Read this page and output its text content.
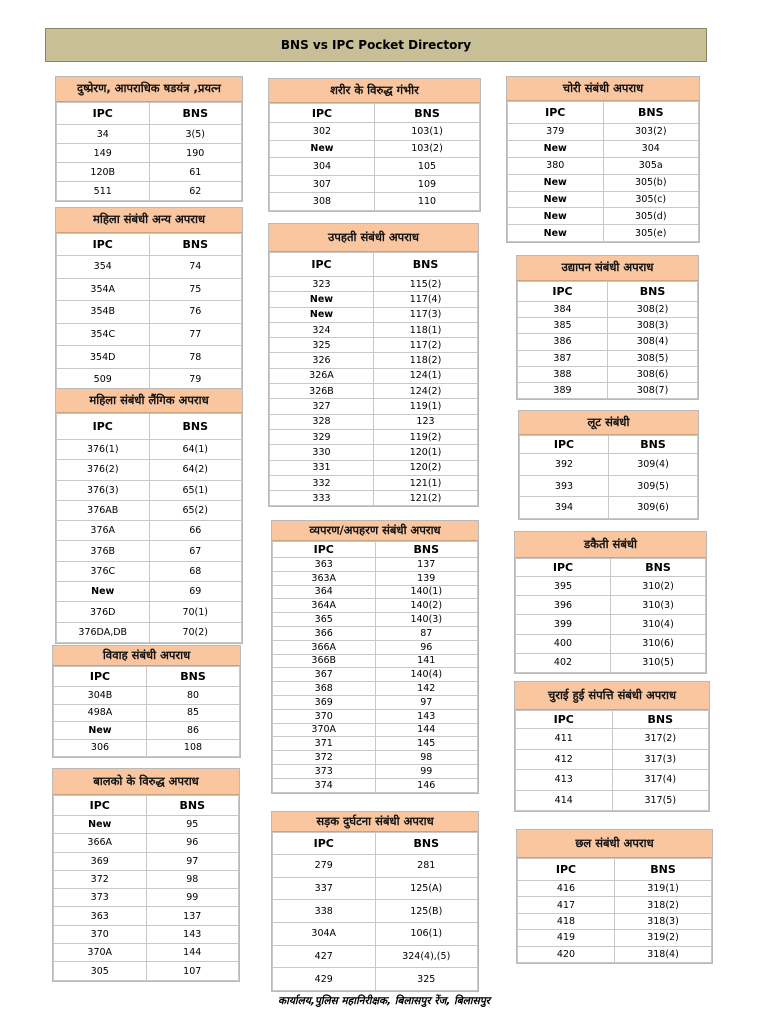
BNS vs IPC Pocket Directory
दुष्प्रेरण, आपराधिक षडयंत्र ,प्रयत्न
IPC	BNS
34	3(5)
149	190
120B	61
511	62
महिला संबंधी अन्य अपराध
IPC	BNS
354	74
354A	75
354B	76
354C	77
354D	78
509	79
महिला संबंधी लैंगिक अपराध
IPC	BNS
376(1)	64(1)
376(2)	64(2)
376(3)	65(1)
376AB	65(2)
376A	66
376B	67
376C	68
New	69
376D	70(1)
376DA,DB	70(2)
विवाह संबंधी अपराध
IPC	BNS
304B	80
498A	85
New	86
306	108
बालको के विरुद्ध अपराध
IPC	BNS
New	95
366A	96
369	97
372	98
373	99
363	137
370	143
370A	144
305	107
शरीर के विरुद्ध गंभीर
IPC	BNS
302	103(1)
New	103(2)
304	105
307	109
308	110
उपहती संबंधी अपराध
IPC	BNS
323	115(2)
New	117(4)
New	117(3)
324	118(1)
325	117(2)
326	118(2)
326A	124(1)
326B	124(2)
327	119(1)
328	123
329	119(2)
330	120(1)
331	120(2)
332	121(1)
333	121(2)
व्यपरण/अपहरण संबंधी अपराध
IPC	BNS
363	137
363A	139
364	140(1)
364A	140(2)
365	140(3)
366	87
366A	96
366B	141
367	140(4)
368	142
369	97
370	143
370A	144
371	145
372	98
373	99
374	146
सड़क दुर्घटना संबंधी अपराध
IPC	BNS
279	281
337	125(A)
338	125(B)
304A	106(1)
427	324(4),(5)
429	325
चोरी संबंधी अपराध
IPC	BNS
379	303(2)
New	304
380	305a
New	305(b)
New	305(c)
New	305(d)
New	305(e)
उद्यापन संबंधी अपराध
IPC	BNS
384	308(2)
385	308(3)
386	308(4)
387	308(5)
388	308(6)
389	308(7)
लूट संबंधी
IPC	BNS
392	309(4)
393	309(5)
394	309(6)
डकैती संबंधी
IPC	BNS
395	310(2)
396	310(3)
399	310(4)
400	310(6)
402	310(5)
चुराई हुई संपत्ति संबंधी अपराध
IPC	BNS
411	317(2)
412	317(3)
413	317(4)
414	317(5)
छल संबंधी अपराध
IPC	BNS
416	319(1)
417	318(2)
418	318(3)
419	319(2)
420	318(4)
कार्यालय,पुलिस महानिरीक्षक, बिलासपुर रेंज, बिलासपुर
